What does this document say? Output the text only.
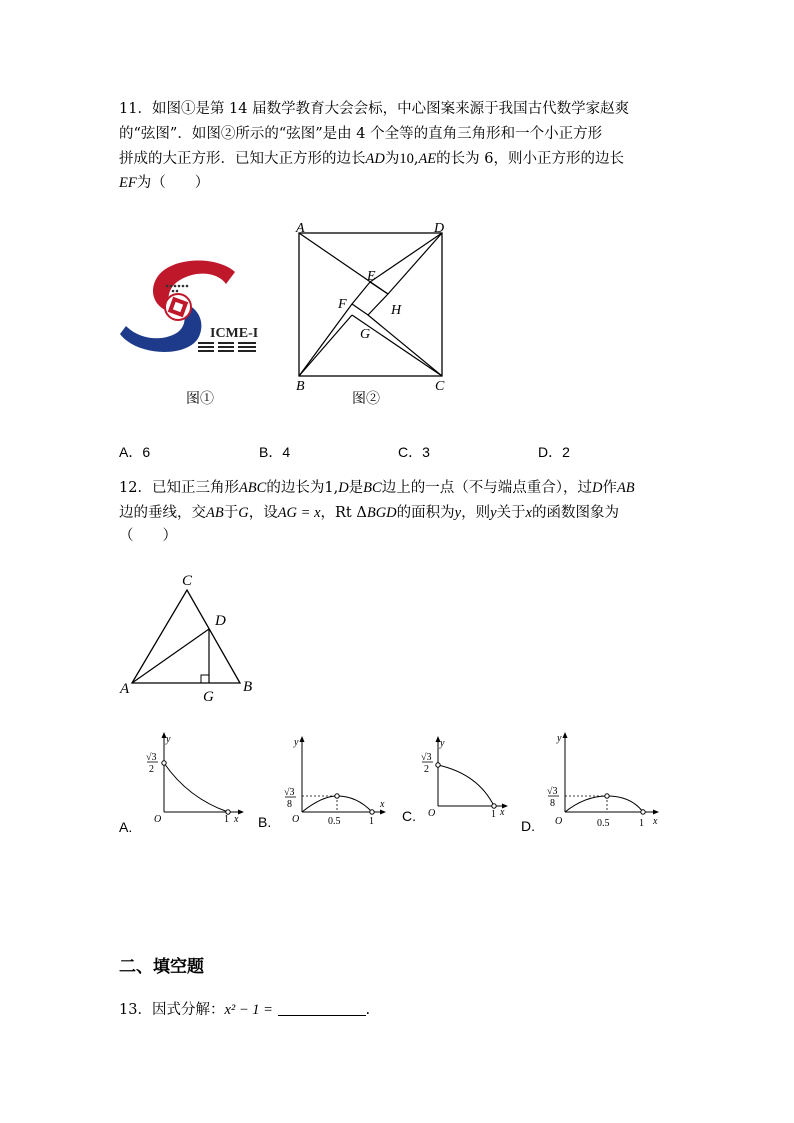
11．如图①是第 14 届数学教育大会会标，中心图案来源于我国古代数学家赵爽
的“弦图”．如图②所示的“弦图”是由 4 个全等的直角三角形和一个小正方形
拼成的大正方形．已知大正方形的边长AD为10,AE的长为 6，则小正方形的边长
EF为（　　）
ICME-I
图①
A	D
B	C
E
F
G
H
图②
A．6	B．4	C．3	D．2
12．已知正三角形ABC的边长为1,D是BC边上的一点（不与端点重合），过D作AB
边的垂线，交AB于G，设AG = x，Rt ΔBGD的面积为y，则y关于x的函数图象为
（　　）
C
D
A	B
G
A.
y
x
O	1
√3
2
B.
y
x
O	0.5	1
√3
8
C.
y
x
O	1
√3
2
D.
y
x
O	0.5	1
√3
8
二、填空题
13．因式分解：x² − 1 =	.
